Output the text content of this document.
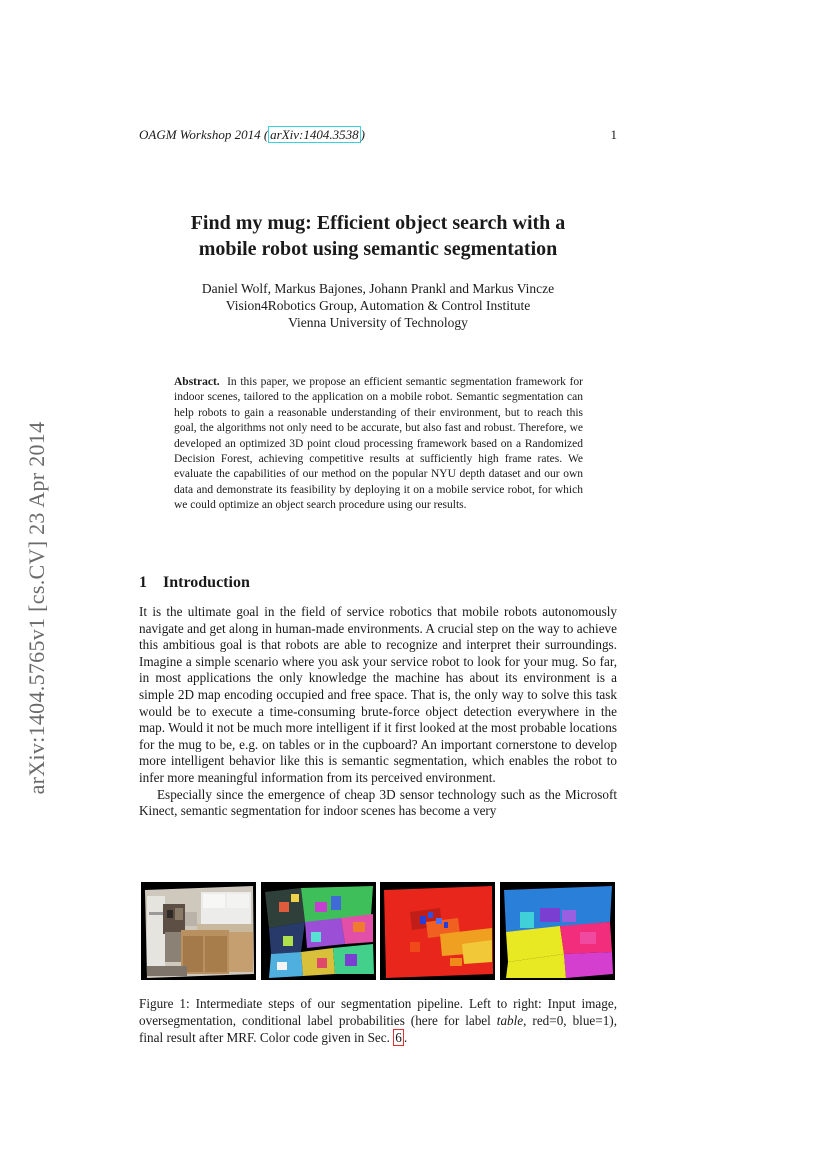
arXiv:1404.5765v1 [cs.CV] 23 Apr 2014
OAGM Workshop 2014 ( arXiv:1404.3538 )	1
Find my mug: Efficient object search with a
mobile robot using semantic segmentation
Daniel Wolf, Markus Bajones, Johann Prankl and Markus Vincze
Vision4Robotics Group, Automation & Control Institute
Vienna University of Technology
Abstract. In this paper, we propose an efficient semantic segmentation framework for indoor scenes, tailored to the application on a mobile robot. Semantic segmentation can help robots to gain a reasonable understanding of their environment, but to reach this goal, the algorithms not only need to be accurate, but also fast and robust. Therefore, we developed an optimized 3D point cloud processing framework based on a Randomized Decision Forest, achieving competitive results at sufficiently high frame rates. We evaluate the capabilities of our method on the popular NYU depth dataset and our own data and demonstrate its feasibility by deploying it on a mobile service robot, for which we could optimize an object search procedure using our results.
1 Introduction

It is the ultimate goal in the field of service robotics that mobile robots autonomously navigate and get along in human-made environments. A crucial step on the way to achieve this ambitious goal is that robots are able to recognize and interpret their surroundings. Imagine a simple scenario where you ask your service robot to look for your mug. So far, in most applications the only knowledge the machine has about its environment is a simple 2D map encoding occupied and free space. That is, the only way to solve this task would be to execute a time-consuming brute-force object detection everywhere in the map. Would it not be much more intelligent if it first looked at the most probable locations for the mug to be, e.g. on tables or in the cupboard? An important cornerstone to develop more intelligent behavior like this is semantic segmentation, which enables the robot to infer more meaningful information from its perceived environment.

Especially since the emergence of cheap 3D sensor technology such as the Microsoft Kinect, semantic segmentation for indoor scenes has become a very

Figure 1: Intermediate steps of our segmentation pipeline. Left to right: Input image, oversegmentation, conditional label probabilities (here for label table, red=0, blue=1), final result after MRF. Color code given in Sec. 6 .
